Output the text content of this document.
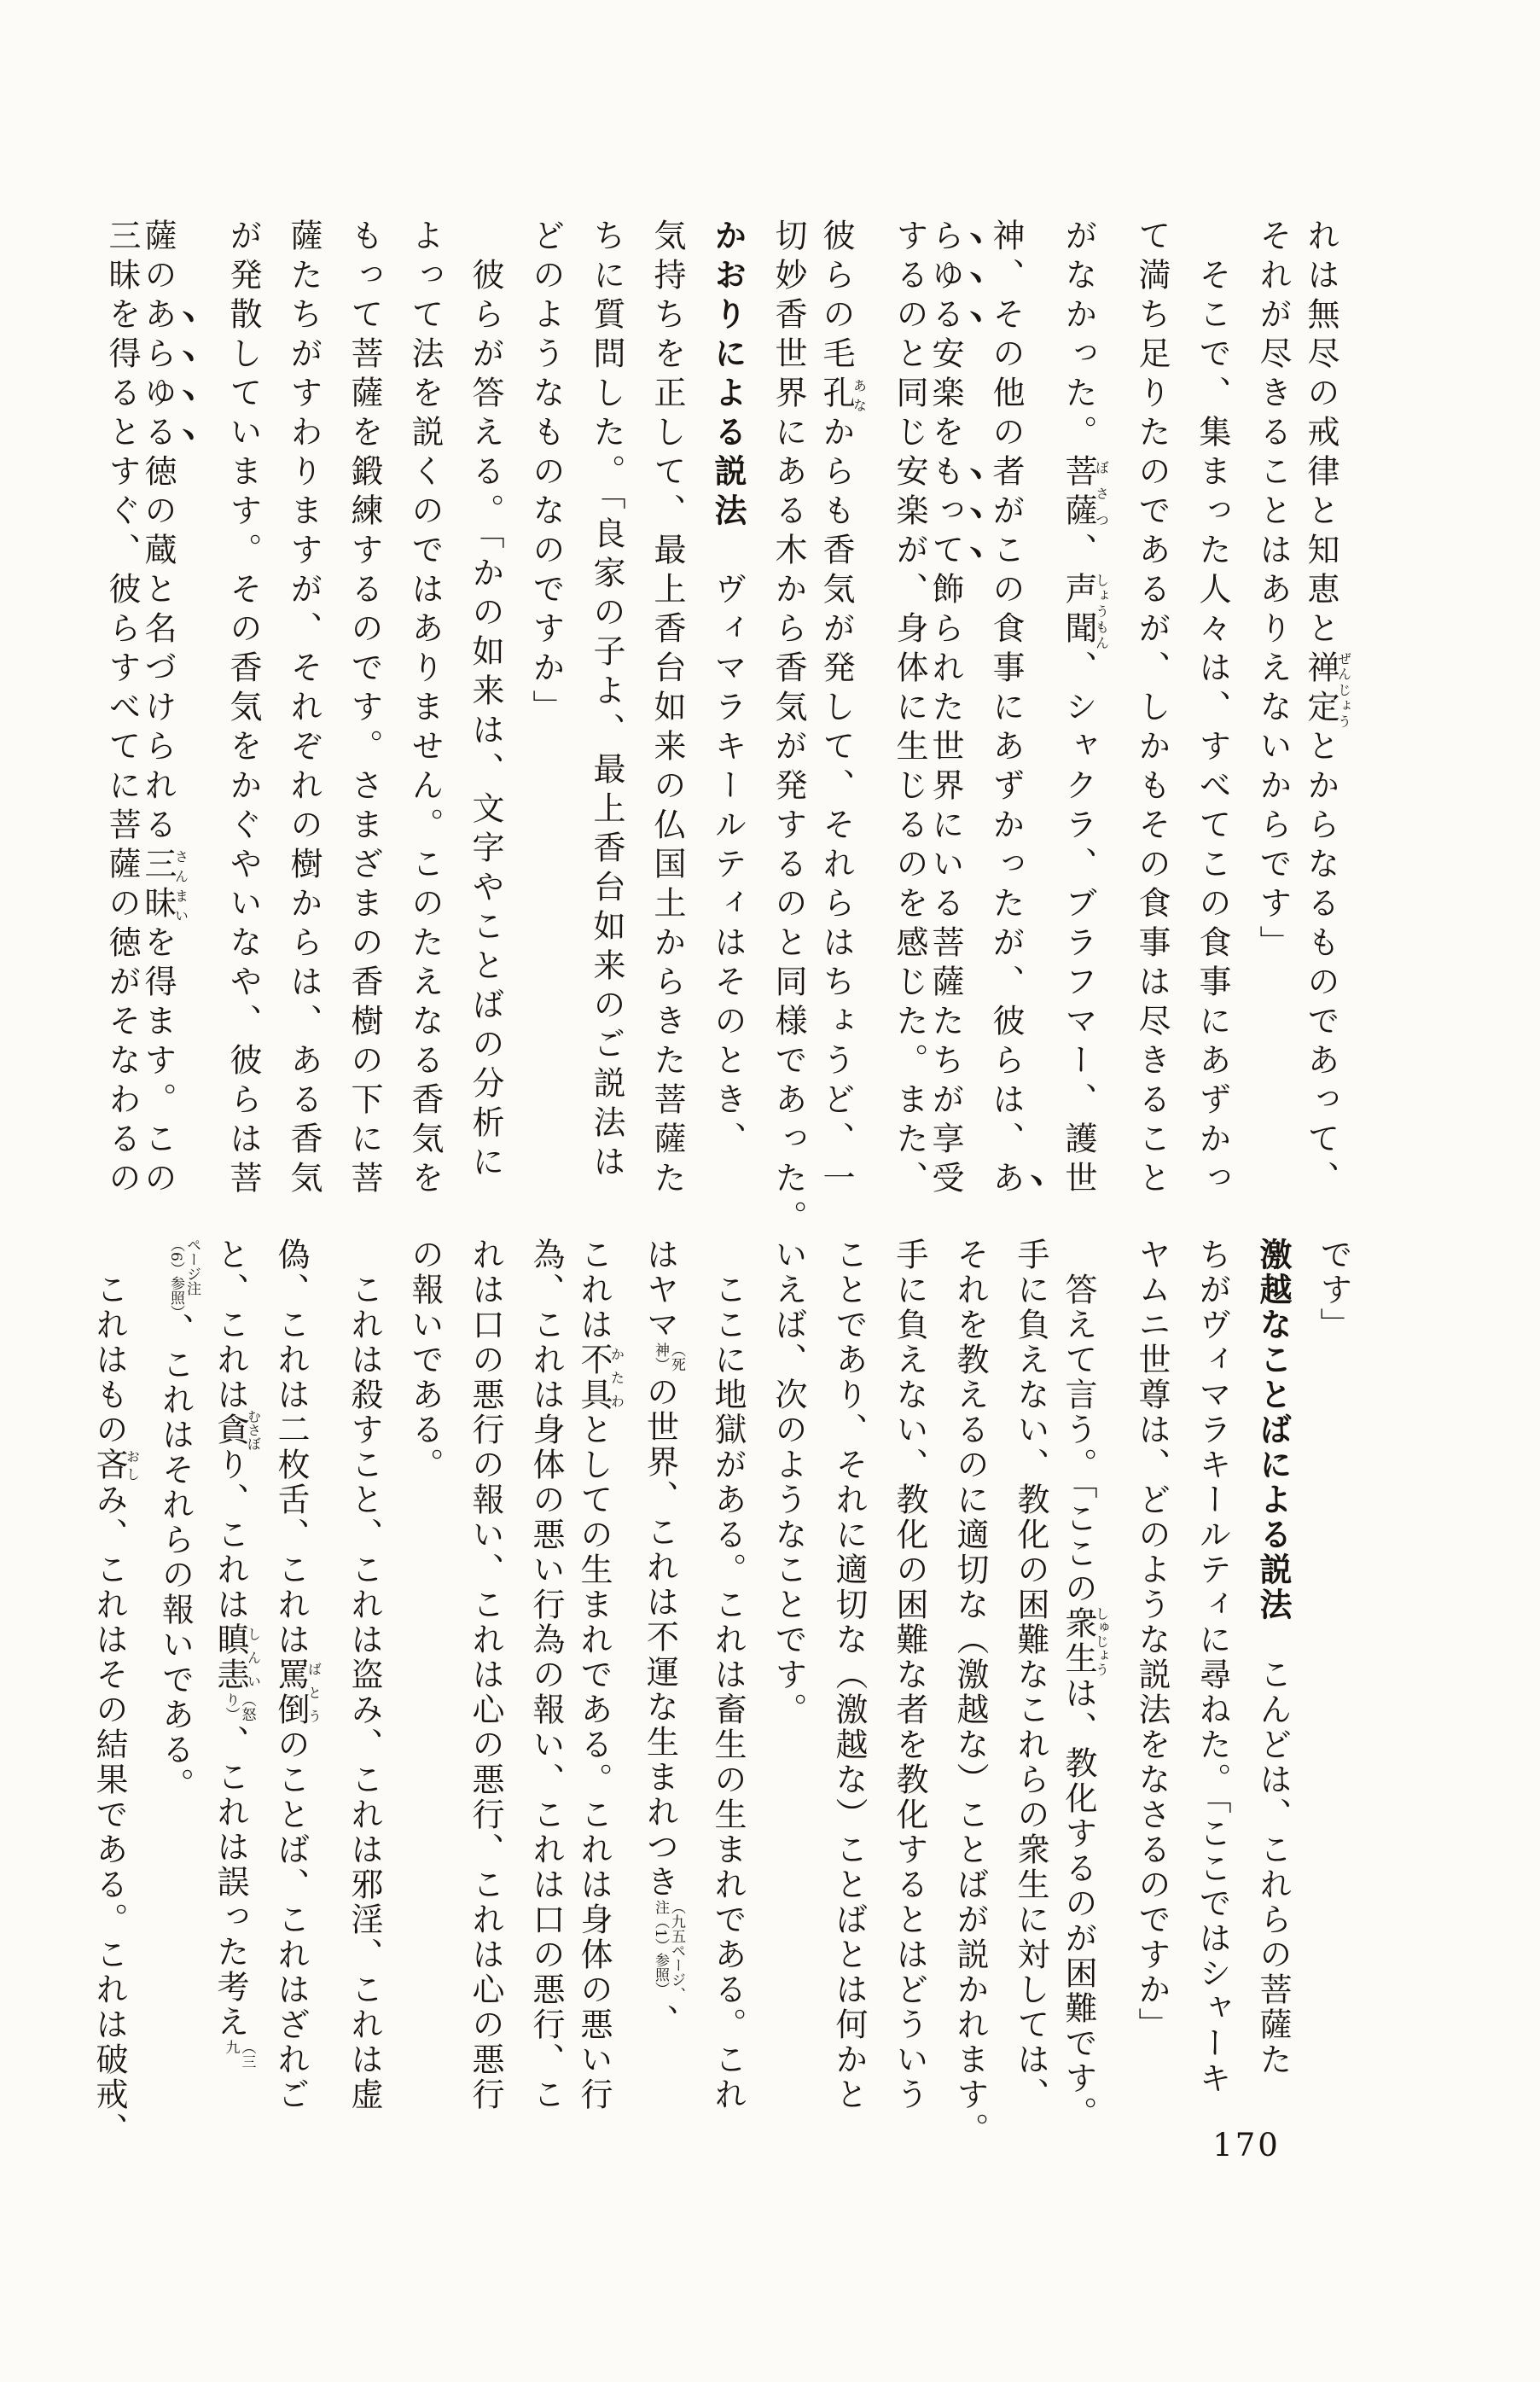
れは無尽の戒律と知恵と禅定ぜんじょうとからなるものであって、
それが尽きることはありえないからです」
そこで、集まった人々は、すべてこの食事にあずかっ
て満ち足りたのであるが、しかもその食事は尽きること
がなかった。菩薩ぼさつ、声聞しょうもん、シャクラ、ブラフマー、護世
神、その他の者がこの食事にあずかったが、彼らは、あ
らゆる安楽をもって飾られた世界にいる菩薩たちが享受
するのと同じ安楽が、身体に生じるのを感じた。また、
彼らの毛孔あなからも香気が発して、それらはちょうど、一
切妙香世界にある木から香気が発するのと同様であった。
かおりによる説法　ヴィマラキールティはそのとき、
気持ちを正して、最上香台如来の仏国土からきた菩薩た
ちに質問した。「良家の子よ、最上香台如来のご説法は
どのようなものなのですか」
彼らが答える。「かの如来は、文字やことばの分析に
よって法を説くのではありません。このたえなる香気を
もって菩薩を鍛練するのです。さまざまの香樹の下に菩
薩たちがすわりますが、それぞれの樹からは、ある香気
が発散しています。その香気をかぐやいなや、彼らは菩
薩のあらゆる徳の蔵と名づけられる三昧さんまいを得ます。この
三昧を得るとすぐ、彼らすべてに菩薩の徳がそなわるの
です」
激越なことばによる説法　こんどは、これらの菩薩た
ちがヴィマラキールティに尋ねた。「ここではシャーキ
ヤムニ世尊は、どのような説法をなさるのですか」
答えて言う。「ここの衆生しゅじょうは、教化するのが困難です。
手に負えない、教化の困難なこれらの衆生に対しては、
それを教えるのに適切な（激越な）ことばが説かれます。
手に負えない、教化の困難な者を教化するとはどういう
ことであり、それに適切な（激越な）ことばとは何かと
いえば、次のようなことです。
ここに地獄がある。これは畜生の生まれである。これ
はヤマ（死神）の世界、これは不運な生まれつき（九五ページ、注（1）参照）、
これは不具かたわとしての生まれである。これは身体の悪い行
為、これは身体の悪い行為の報い、これは口の悪行、こ
れは口の悪行の報い、これは心の悪行、これは心の悪行
の報いである。
これは殺すこと、これは盗み、これは邪淫、これは虚
偽、これは二枚舌、これは罵倒ばとうのことば、これはざれご
と、これは貪むさぼり、これは瞋恚しんい（怒り）、これは誤った考え（三九
ページ注（6）参照）、これはそれらの報いである。
これはもの吝おしみ、これはその結果である。これは破戒、	170
